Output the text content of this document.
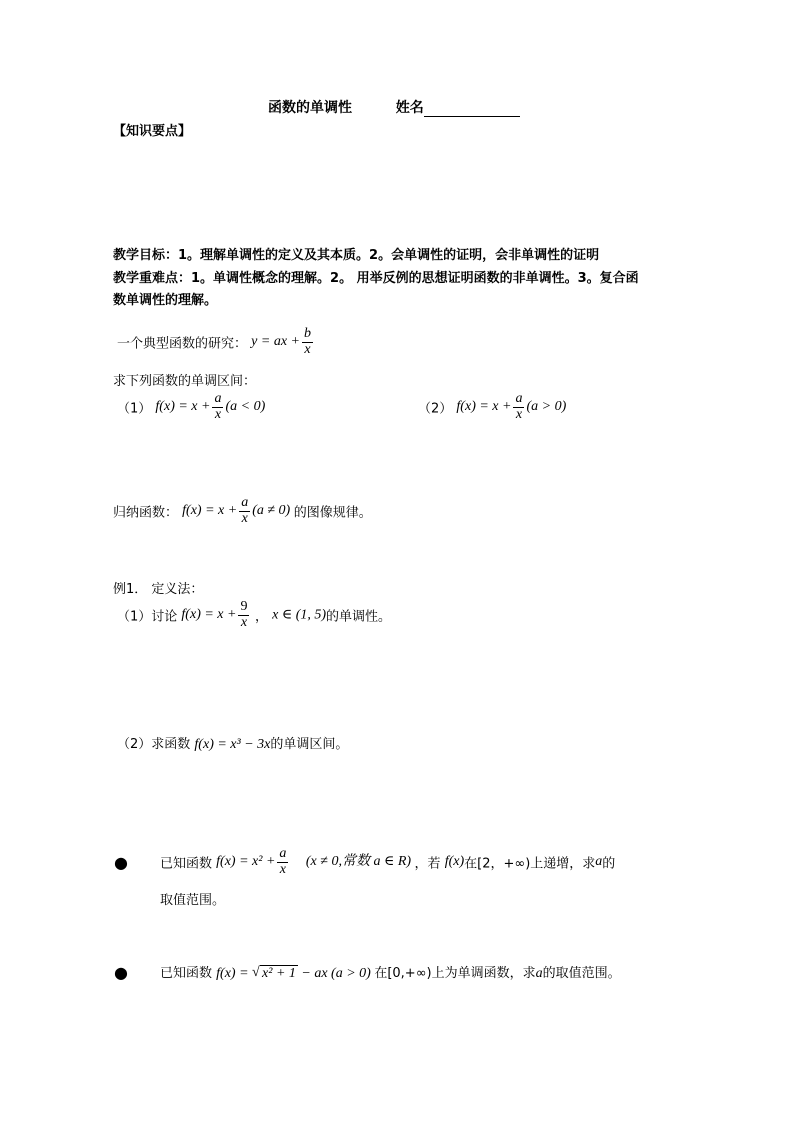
函数的单调性	姓名
【知识要点】
教学目标：1。理解单调性的定义及其本质。2。会单调性的证明，会非单调性的证明
教学重难点：1。单调性概念的理解。2。 用举反例的思想证明函数的非单调性。3。复合函
数单调性的理解。
一个典型函数的研究： y = ax + $\frac{b}{x}$
求下列函数的单调区间：
（1） $f(x) = x + \frac{a}{x} (a < 0)$	（2） $f(x) = x + \frac{a}{x} (a > 0)$
归纳函数： $f(x) = x + \frac{a}{x} (a \ne 0)$ 的图像规律。
例1． 定义法：
（1）讨论 $f(x) = x + \frac{9}{x}$ ， x ∈ (1, 5)的单调性。
（2）求函数 f(x) = x³ − 3x的单调区间。
● 已知函数 $f(x) = x^2 + \frac{a}{x} (x \ne 0$,常数 a ∈ R) ，若 f(x)在[2，+∞)上递增，求a的
取值范围。
● 已知函数 f(x) = √ x² + 1 − ax (a > 0) 在[0,+∞)上为单调函数，求a的取值范围。
